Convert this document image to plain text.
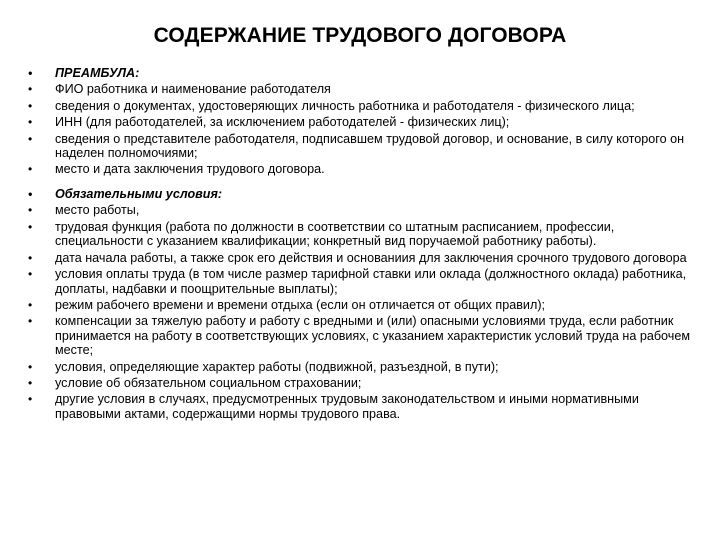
СОДЕРЖАНИЕ ТРУДОВОГО ДОГОВОРА
• ПРЕАМБУЛА:
• ФИО работника и наименование работодателя
• сведения о документах, удостоверяющих личность работника и работодателя - физического лица;
• ИНН (для работодателей, за исключением работодателей - физических лиц);
• сведения о представителе работодателя, подписавшем трудовой договор, и основание, в силу которого он наделен полномочиями;
• место и дата заключения трудового договора.
• Обязательными условия:
• место работы,
• трудовая функция (работа по должности в соответствии со штатным расписанием, профессии, специальности с указанием квалификации; конкретный вид поручаемой работнику работы).
• дата начала работы, а также срок его действия и основаниия для заключения срочного трудового договора
• условия оплаты труда (в том числе размер тарифной ставки или оклада (должностного оклада) работника, доплаты, надбавки и поощрительные выплаты);
• режим рабочего времени и времени отдыха (если он отличается от общих правил);
• компенсации за тяжелую работу и работу с вредными и (или) опасными условиями труда, если работник принимается на работу в соответствующих условиях, с указанием характеристик условий труда на рабочем месте;
• условия, определяющие характер работы (подвижной, разъездной, в пути);
• условие об обязательном социальном страховании;
• другие условия в случаях, предусмотренных трудовым законодательством и иными нормативными правовыми актами, содержащими нормы трудового права.
